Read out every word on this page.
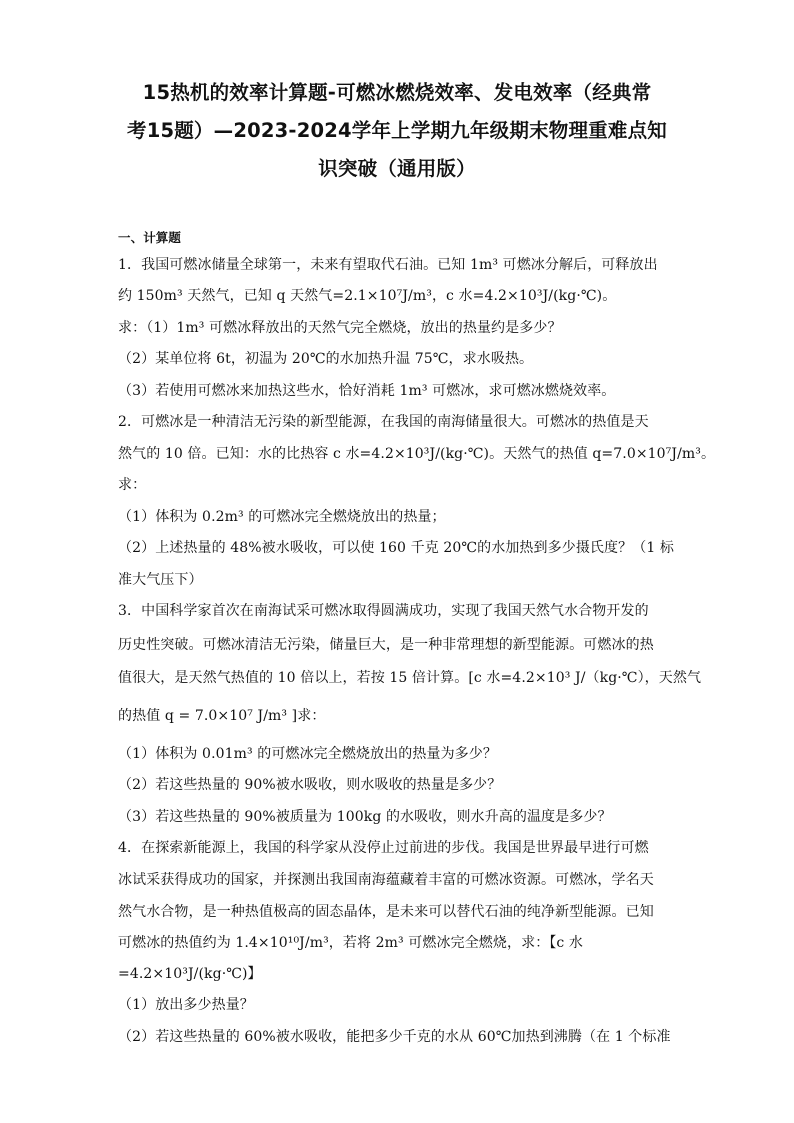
15热机的效率计算题-可燃冰燃烧效率、发电效率（经典常
考15题）—2023-2024学年上学期九年级期末物理重难点知
识突破（通用版）
一、计算题
1．我国可燃冰储量全球第一，未来有望取代石油。已知 1m³ 可燃冰分解后，可释放出
约 150m³ 天然气，已知 q 天然气=2.1×10⁷J/m³，c 水=4.2×10³J/(kg·℃)。
求：（1）1m³ 可燃冰释放出的天然气完全燃烧，放出的热量约是多少？
（2）某单位将 6t，初温为 20℃的水加热升温 75℃，求水吸热。
（3）若使用可燃冰来加热这些水，恰好消耗 1m³ 可燃冰，求可燃冰燃烧效率。
2．可燃冰是一种清洁无污染的新型能源，在我国的南海储量很大。可燃冰的热值是天
然气的 10 倍。已知：水的比热容 c 水=4.2×10³J/(kg·℃)。天然气的热值 q=7.0×10⁷J/m³。
求：
（1）体积为 0.2m³ 的可燃冰完全燃烧放出的热量；
（2）上述热量的 48%被水吸收，可以使 160 千克 20℃的水加热到多少摄氏度？（1 标
准大气压下）
3．中国科学家首次在南海试采可燃冰取得圆满成功，实现了我国天然气水合物开发的
历史性突破。可燃冰清洁无污染，储量巨大，是一种非常理想的新型能源。可燃冰的热
值很大，是天然气热值的 10 倍以上，若按 15 倍计算。[c 水=4.2×10³ J/（kg·℃），天然气
的热值 q = 7.0×10⁷ J/m³ ]求：
（1）体积为 0.01m³ 的可燃冰完全燃烧放出的热量为多少？
（2）若这些热量的 90%被水吸收，则水吸收的热量是多少？
（3）若这些热量的 90%被质量为 100kg 的水吸收，则水升高的温度是多少？
4．在探索新能源上，我国的科学家从没停止过前进的步伐。我国是世界最早进行可燃
冰试采获得成功的国家，并探测出我国南海蕴藏着丰富的可燃冰资源。可燃冰，学名天
然气水合物，是一种热值极高的固态晶体，是未来可以替代石油的纯净新型能源。已知
可燃冰的热值约为 1.4×10¹⁰J/m³，若将 2m³ 可燃冰完全燃烧，求：【c 水
=4.2×10³J/(kg·℃)】
（1）放出多少热量？
（2）若这些热量的 60%被水吸收，能把多少千克的水从 60℃加热到沸腾（在 1 个标准
